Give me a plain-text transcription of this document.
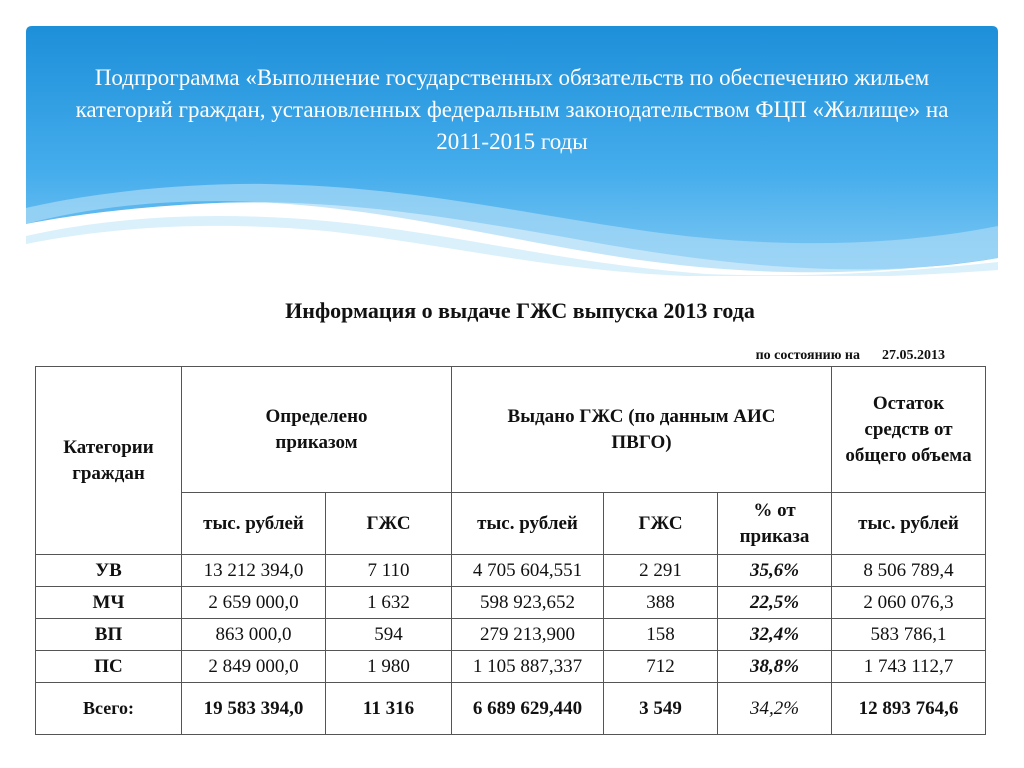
Подпрограмма «Выполнение государственных обязательств по обеспечению жильем категорий граждан, установленных федеральным законодательством ФЦП «Жилище» на 2011-2015 годы
Информация о выдаче ГЖС выпуска 2013 года
по состоянию на 27.05.2013
Категории граждан	Определено приказом		Выдано ГЖС (по данным АИС ПВГО)			Остаток средств от общего объема

	тыс. рублей	ГЖС	тыс. рублей	ГЖС	% от приказа	тыс. рублей
УВ	13 212 394,0	7 110	4 705 604,551	2 291	35,6%	8 506 789,4
МЧ	2 659 000,0	1 632	598 923,652	388	22,5%	2 060 076,3
ВП	863 000,0	594	279 213,900	158	32,4%	583 786,1
ПС	2 849 000,0	1 980	1 105 887,337	712	38,8%	1 743 112,7
Всего:	19 583 394,0	11 316	6 689 629,440	3 549	34,2%	12 893 764,6
